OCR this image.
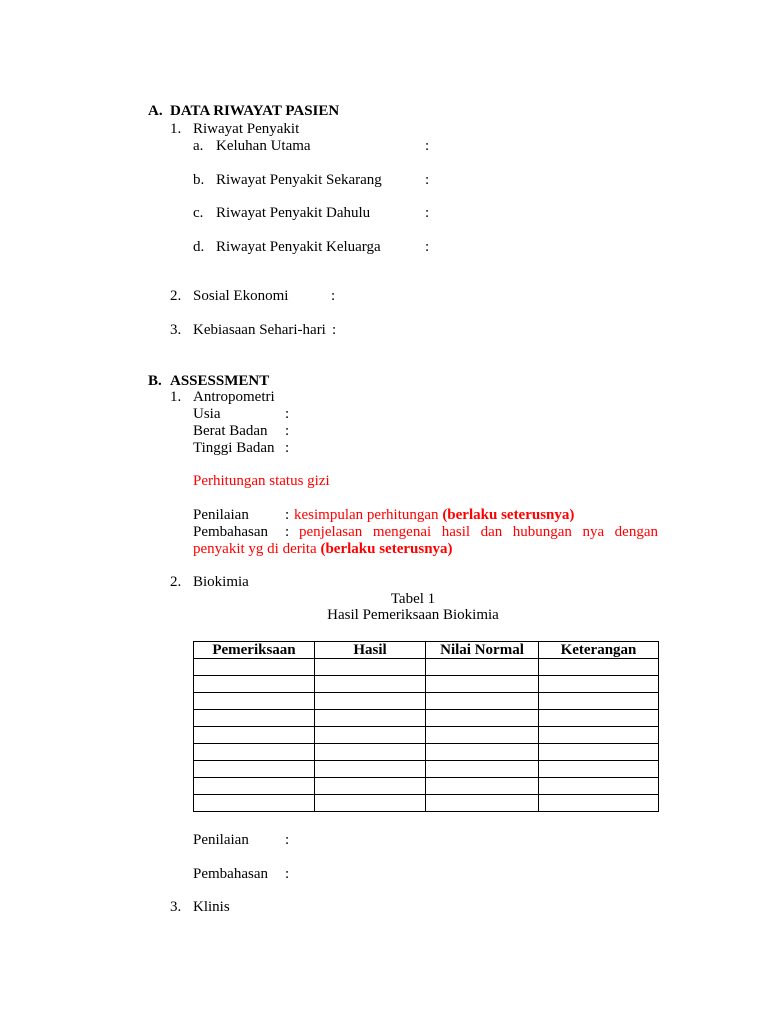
A. DATA RIWAYAT PASIEN
1. Riwayat Penyakit
a. Keluhan Utama	:
b. Riwayat Penyakit Sekarang	:
c. Riwayat Penyakit Dahulu	:
d. Riwayat Penyakit Keluarga	:
2. Sosial Ekonomi	:
3. Kebiasaan Sehari-hari :
B. ASSESSMENT
1. Antropometri
Usia	:
Berat Badan :
Tinggi Badan :
Perhitungan status gizi
Penilaian : kesimpulan perhitungan (berlaku seterusnya)
Pembahasan : penjelasan mengenai hasil dan hubungan nya dengan
penyakit yg di derita (berlaku seterusnya)
2. Biokimia
Tabel 1
Hasil Pemeriksaan Biokimia
Pemeriksaan	Hasil	Nilai Normal	Keterangan

Penilaian :
Pembahasan :
3. Klinis
